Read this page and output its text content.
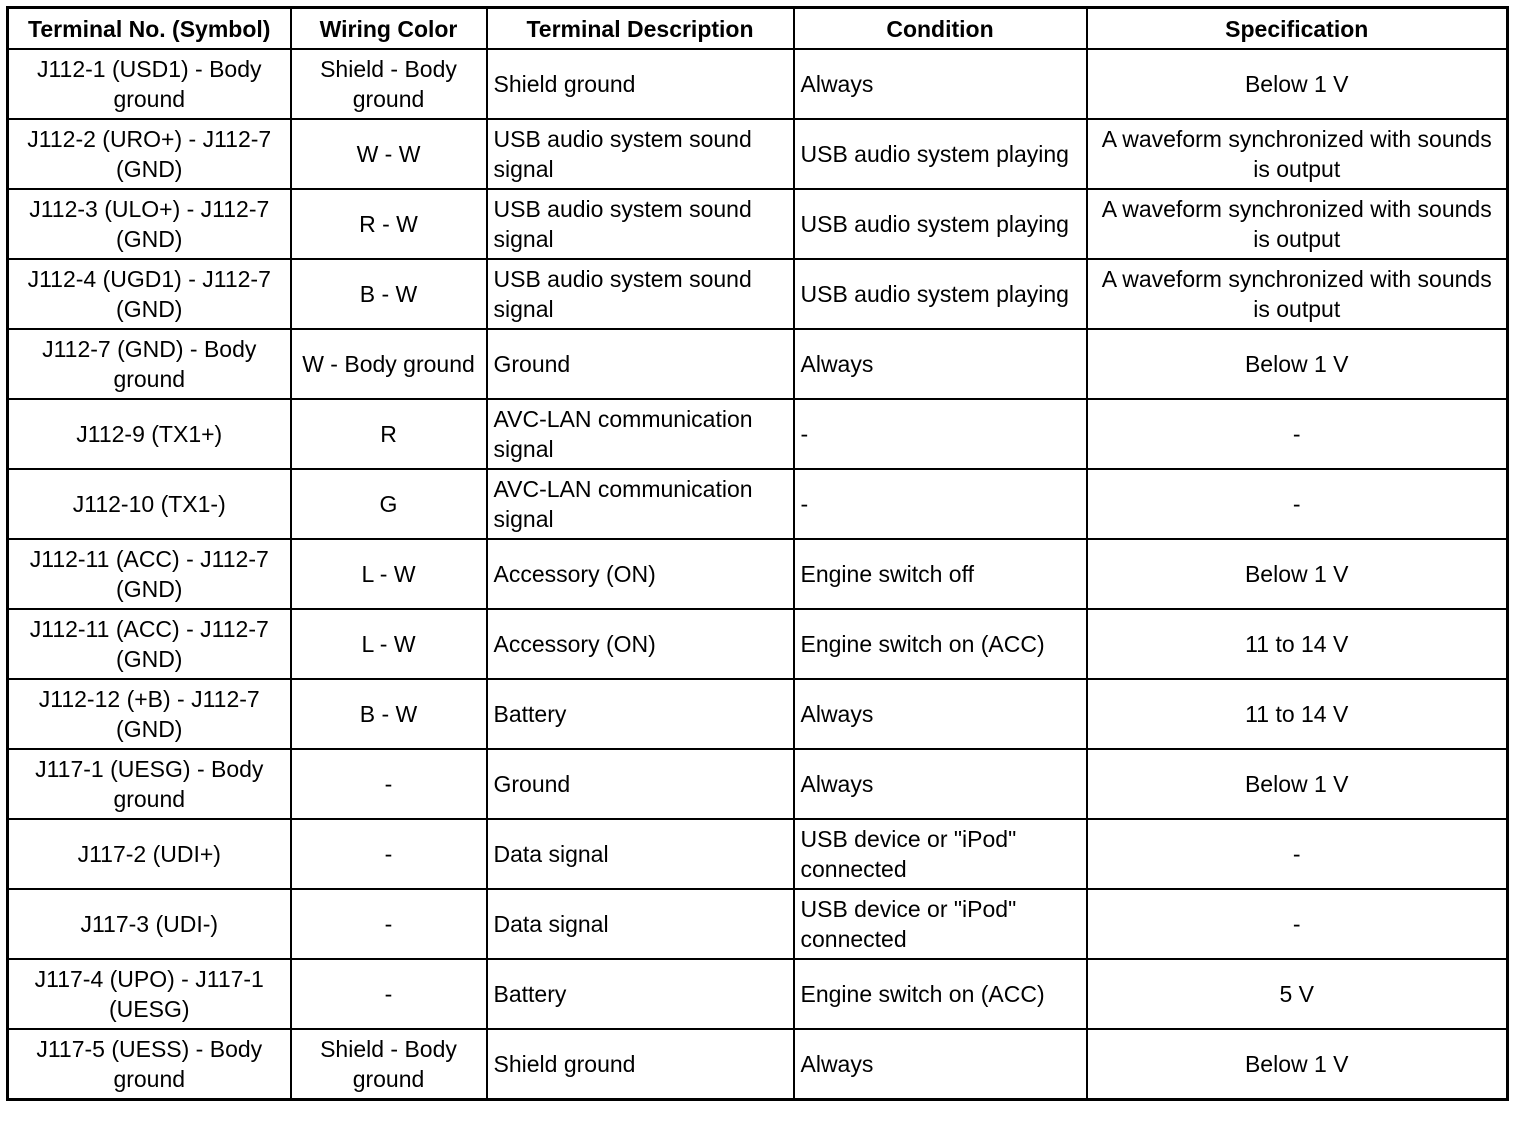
Terminal No. (Symbol)	Wiring Color	Terminal Description	Condition	Specification
J112-1 (USD1) - Body ground	Shield - Body ground	Shield ground	Always	Below 1 V
J112-2 (URO+) - J112-7 (GND)	W - W	USB audio system sound signal	USB audio system playing	A waveform synchronized with sounds is output
J112-3 (ULO+) - J112-7 (GND)	R - W	USB audio system sound signal	USB audio system playing	A waveform synchronized with sounds is output
J112-4 (UGD1) - J112-7 (GND)	B - W	USB audio system sound signal	USB audio system playing	A waveform synchronized with sounds is output
J112-7 (GND) - Body ground	W - Body ground	Ground	Always	Below 1 V
J112-9 (TX1+)	R	AVC-LAN communication signal	-	-
J112-10 (TX1-)	G	AVC-LAN communication signal	-	-
J112-11 (ACC) - J112-7 (GND)	L - W	Accessory (ON)	Engine switch off	Below 1 V
J112-11 (ACC) - J112-7 (GND)	L - W	Accessory (ON)	Engine switch on (ACC)	11 to 14 V
J112-12 (+B) - J112-7 (GND)	B - W	Battery	Always	11 to 14 V
J117-1 (UESG) - Body ground	-	Ground	Always	Below 1 V
J117-2 (UDI+)	-	Data signal	USB device or "iPod" connected	-
J117-3 (UDI-)	-	Data signal	USB device or "iPod" connected	-
J117-4 (UPO) - J117-1 (UESG)	-	Battery	Engine switch on (ACC)	5 V
J117-5 (UESS) - Body ground	Shield - Body ground	Shield ground	Always	Below 1 V
